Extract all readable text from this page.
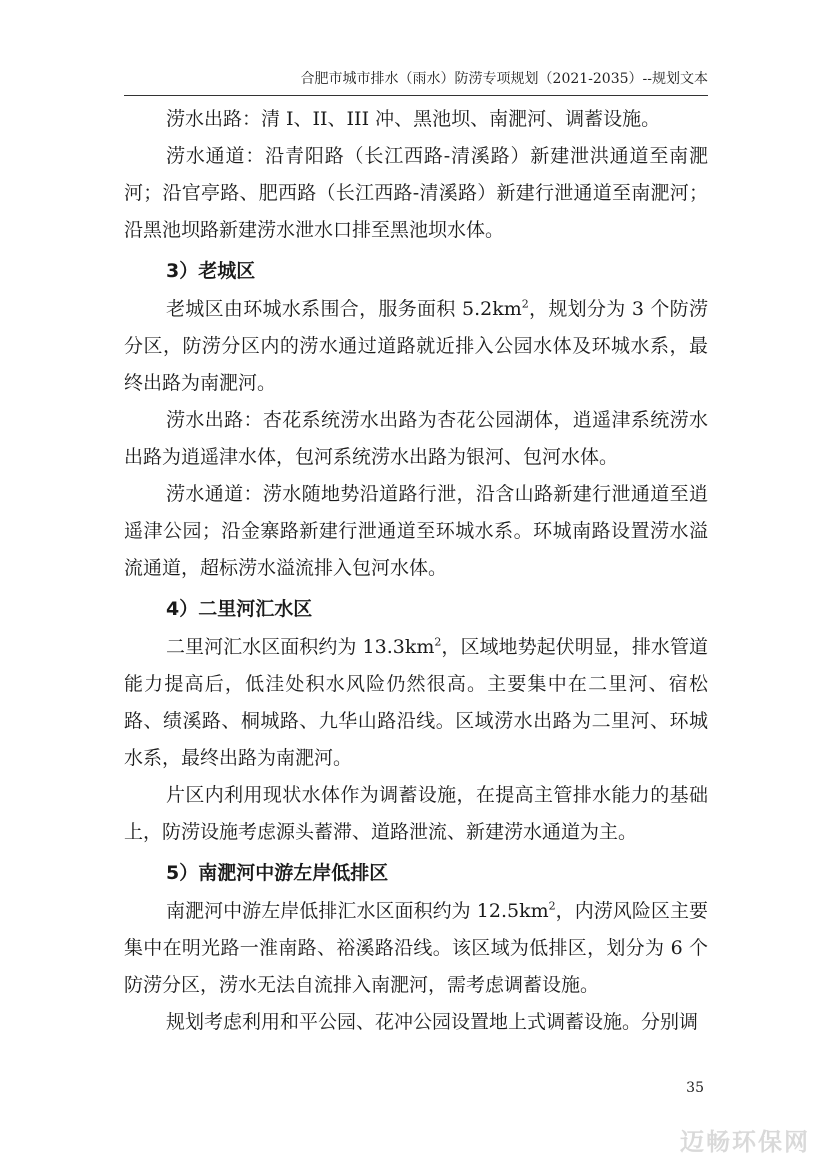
合肥市城市排水（雨水）防涝专项规划（2021-2035）--规划文本

涝水出路：清 I、II、III 冲、黑池坝、南淝河、调蓄设施。

涝水通道：沿青阳路（长江西路-清溪路）新建泄洪通道至南淝河；沿官亭路、肥西路（长江西路-清溪路）新建行泄通道至南淝河；沿黑池坝路新建涝水泄水口排至黑池坝水体。

3）老城区

老城区由环城水系围合，服务面积 $5.2km^2$，规划分为 3 个防涝分区，防涝分区内的涝水通过道路就近排入公园水体及环城水系，最终出路为南淝河。

涝水出路：杏花系统涝水出路为杏花公园湖体，逍遥津系统涝水出路为逍遥津水体，包河系统涝水出路为银河、包河水体。

涝水通道：涝水随地势沿道路行泄，沿含山路新建行泄通道至逍遥津公园；沿金寨路新建行泄通道至环城水系。环城南路设置涝水溢流通道，超标涝水溢流排入包河水体。

4）二里河汇水区

二里河汇水区面积约为 $13.3km^2$，区域地势起伏明显，排水管道能力提高后，低洼处积水风险仍然很高。主要集中在二里河、宿松路、绩溪路、桐城路、九华山路沿线。区域涝水出路为二里河、环城水系，最终出路为南淝河。

片区内利用现状水体作为调蓄设施，在提高主管排水能力的基础上，防涝设施考虑源头蓄滞、道路泄流、新建涝水通道为主。

5）南淝河中游左岸低排区

南淝河中游左岸低排汇水区面积约为 $12.5km^2$，内涝风险区主要集中在明光路一淮南路、裕溪路沿线。该区域为低排区，划分为 6 个防涝分区，涝水无法自流排入南淝河，需考虑调蓄设施。

规划考虑利用和平公园、花冲公园设置地上式调蓄设施。分别调

35
迈畅环保网
